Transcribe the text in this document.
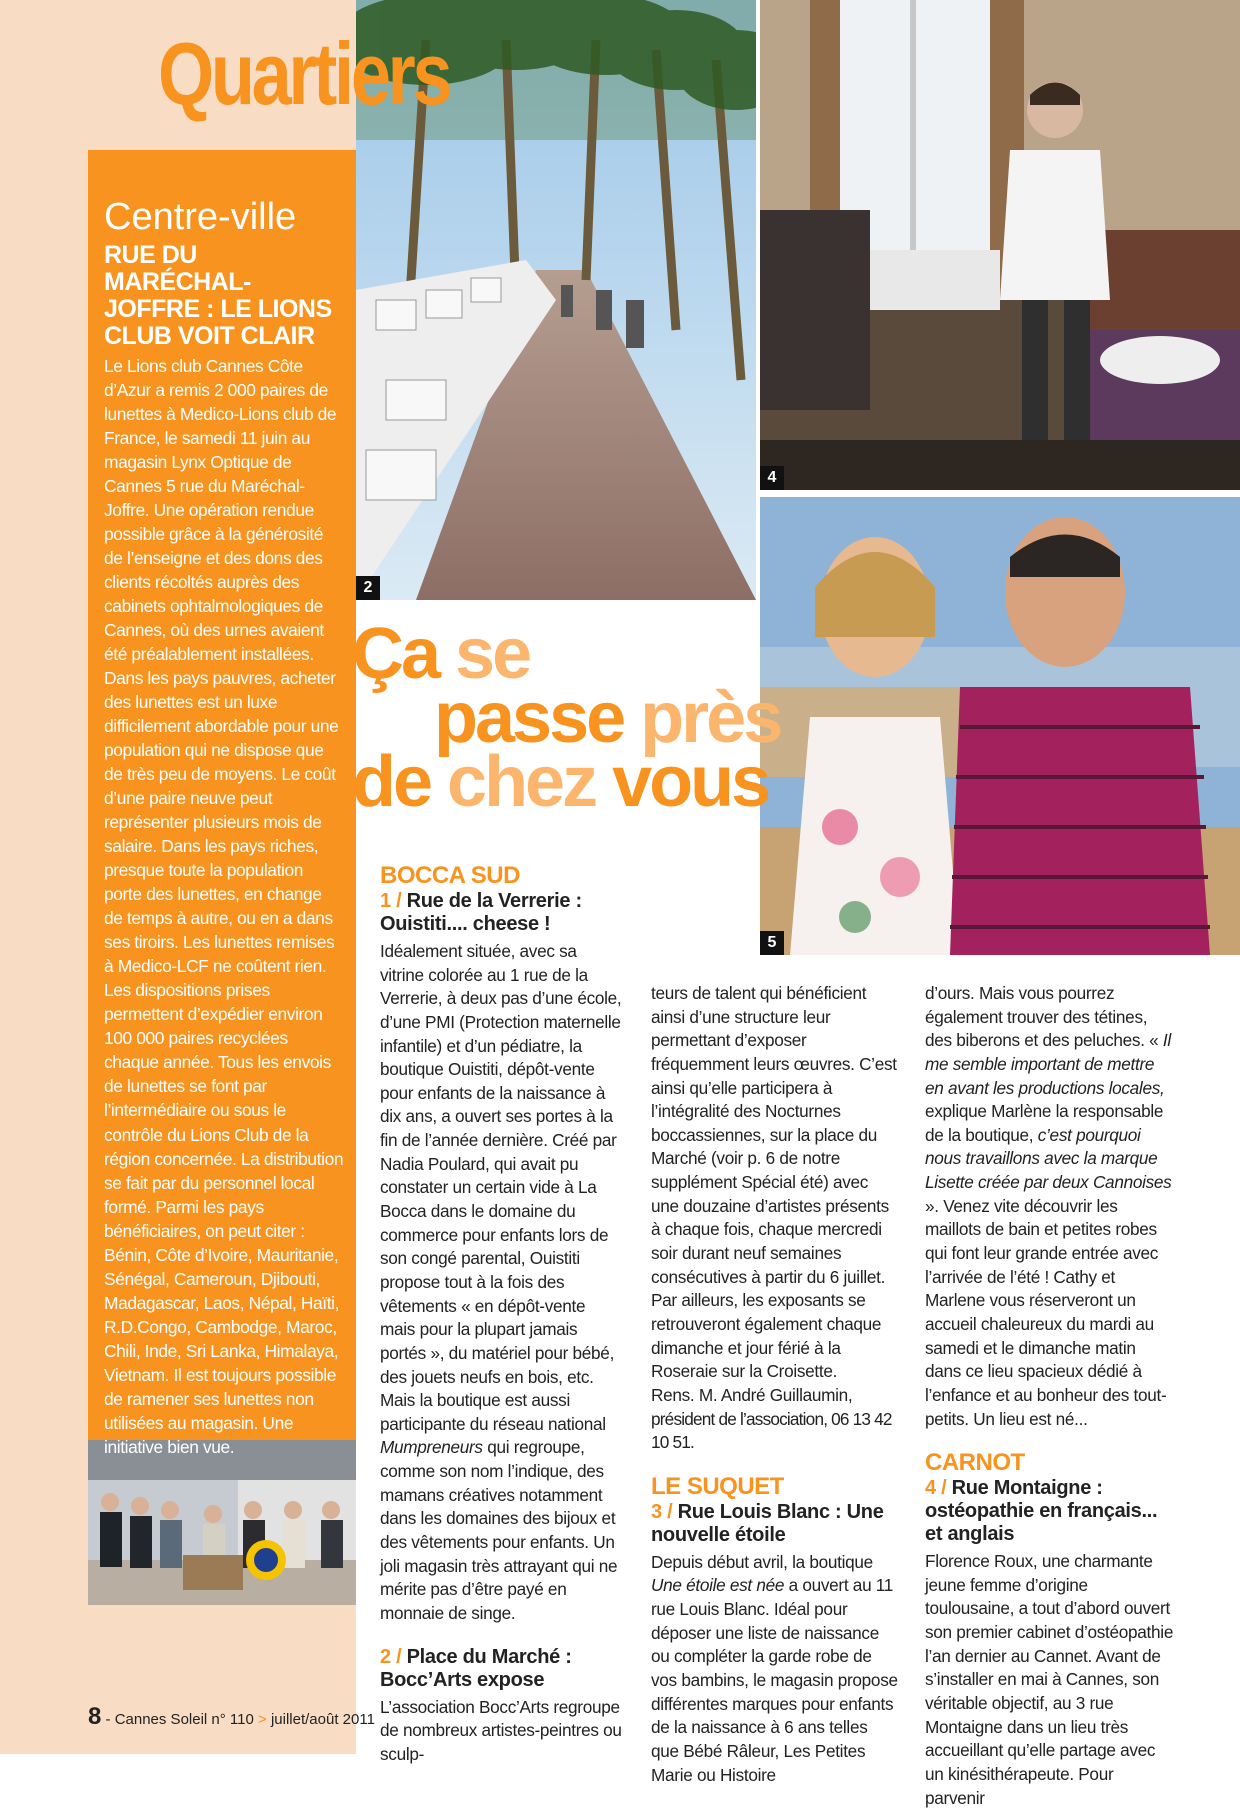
2
4
5
Quartiers
Centre-ville
RUE DU MARÉCHAL-JOFFRE : LE LIONS CLUB VOIT CLAIR

Le Lions club Cannes Côte d’Azur a remis 2 000 paires de lunettes à Medico-Lions club de France, le samedi 11 juin au magasin Lynx Optique de Cannes 5 rue du Maréchal-Joffre. Une opération rendue possible grâce à la générosité de l’enseigne et des dons des clients récoltés auprès des cabinets ophtalmologiques de Cannes, où des urnes avaient été préalablement installées. Dans les pays pauvres, acheter des lunettes est un luxe difficilement abordable pour une population qui ne dispose que de très peu de moyens. Le coût d’une paire neuve peut représenter plusieurs mois de salaire. Dans les pays riches, presque toute la population porte des lunettes, en change de temps à autre, ou en a dans ses tiroirs. Les lunettes remises à Medico-LCF ne coûtent rien. Les dispositions prises permettent d’expédier environ 100 000 paires recyclées chaque année. Tous les envois de lunettes se font par l’intermédiaire ou sous le contrôle du Lions Club de la région concernée. La distribution se fait par du personnel local formé. Parmi les pays bénéficiaires, on peut citer : Bénin, Côte d’Ivoire, Mauritanie, Sénégal, Cameroun, Djibouti, Madagascar, Laos, Népal, Haïti, R.D.Congo, Cambodge, Maroc, Chili, Inde, Sri Lanka, Himalaya, Vietnam. Il est toujours possible de ramener ses lunettes non utilisées au magasin. Une initiative bien vue.

Ça se
passe près
de chez vous
BOCCA SUD
1 / Rue de la Verrerie : Ouistiti.... cheese !

Idéalement située, avec sa vitrine colorée au 1 rue de la Verrerie, à deux pas d’une école, d’une PMI (Protection maternelle infantile) et d’un pédiatre, la boutique Ouistiti, dépôt-vente pour enfants de la naissance à dix ans, a ouvert ses portes à la fin de l’année dernière. Créé par Nadia Poulard, qui avait pu constater un certain vide à La Bocca dans le domaine du commerce pour enfants lors de son congé parental, Ouistiti propose tout à la fois des vêtements « en dépôt-vente mais pour la plupart jamais portés », du matériel pour bébé, des jouets neufs en bois, etc. Mais la boutique est aussi participante du réseau national Mumpreneurs qui regroupe, comme son nom l’indique, des mamans créatives notamment dans les domaines des bijoux et des vêtements pour enfants. Un joli magasin très attrayant qui ne mérite pas d’être payé en monnaie de singe.

2 / Place du Marché : Bocc’Arts expose

L’association Bocc’Arts regroupe de nombreux artistes-peintres ou sculp-

teurs de talent qui bénéficient ainsi d’une structure leur permettant d’exposer fréquemment leurs œuvres. C’est ainsi qu’elle participera à l’intégralité des Nocturnes boccassiennes, sur la place du Marché (voir p. 6 de notre supplément Spécial été) avec une douzaine d’artistes présents à chaque fois, chaque mercredi soir durant neuf semaines consécutives à partir du 6 juillet. Par ailleurs, les exposants se retrouveront également chaque dimanche et jour férié à la Roseraie sur la Croisette.

Rens. M. André Guillaumin,

président de l’association, 06 13 42 10 51.

LE SUQUET
3 / Rue Louis Blanc : Une nouvelle étoile

Depuis début avril, la boutique Une étoile est née a ouvert au 11 rue Louis Blanc. Idéal pour déposer une liste de naissance ou compléter la garde robe de vos bambins, le magasin propose différentes marques pour enfants de la naissance à 6 ans telles que Bébé Râleur, Les Petites Marie ou Histoire

d’ours. Mais vous pourrez également trouver des tétines, des biberons et des peluches. « Il me semble important de mettre en avant les productions locales, explique Marlène la responsable de la boutique, c’est pourquoi nous travaillons avec la marque Lisette créée par deux Cannoises ». Venez vite découvrir les maillots de bain et petites robes qui font leur grande entrée avec l’arrivée de l’été ! Cathy et Marlene vous réserveront un accueil chaleureux du mardi au samedi et le dimanche matin dans ce lieu spacieux dédié à l’enfance et au bonheur des tout-petits. Un lieu est né...

CARNOT
4 / Rue Montaigne : ostéopathie en français... et anglais

Florence Roux, une charmante jeune femme d’origine toulousaine, a tout d’abord ouvert son premier cabinet d’ostéopathie l’an dernier au Cannet. Avant de s’installer en mai à Cannes, son véritable objectif, au 3 rue Montaigne dans un lieu très accueillant qu’elle partage avec un kinésithérapeute. Pour parvenir

8 - Cannes Soleil n° 110 > juillet/août 2011
